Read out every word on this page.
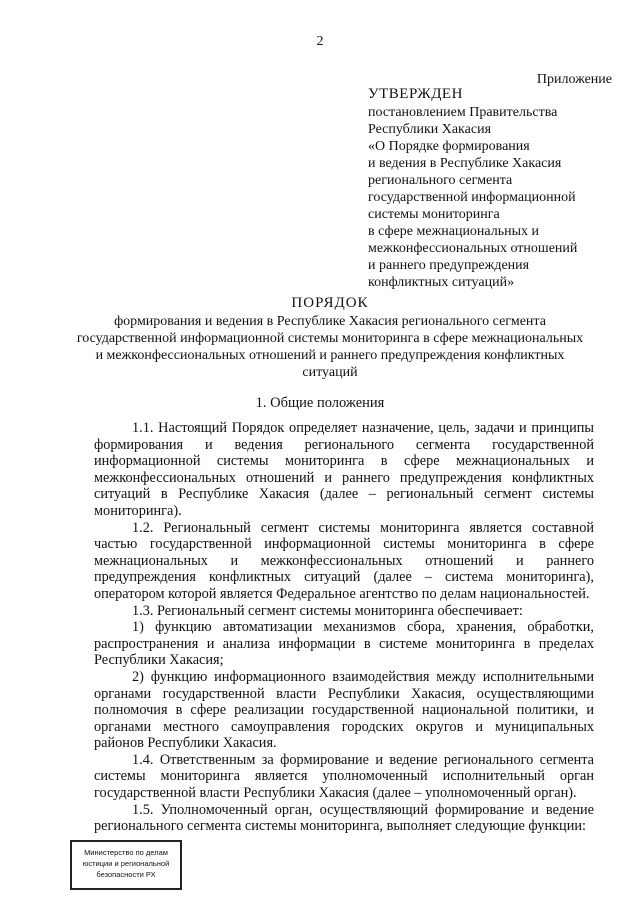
2
Приложение
УТВЕРЖДЕН
постановлением Правительства
Республики Хакасия
«О Порядке формирования
и ведения в Республике Хакасия
регионального сегмента
государственной информационной
системы мониторинга
в сфере межнациональных и
межконфессиональных отношений
и раннего предупреждения
конфликтных ситуаций»
ПОРЯДОК
формирования и ведения в Республике Хакасия регионального сегмента государственной информационной системы мониторинга в сфере межнациональных и межконфессиональных отношений и раннего предупреждения конфликтных ситуаций
1. Общие положения

1.1. Настоящий Порядок определяет назначение, цель, задачи и принципы формирования и ведения регионального сегмента государственной информационной системы мониторинга в сфере межнациональных и межконфессиональных отношений и раннего предупреждения конфликтных ситуаций в Республике Хакасия (далее – региональный сегмент системы мониторинга).

1.2. Региональный сегмент системы мониторинга является составной частью государственной информационной системы мониторинга в сфере межнациональных и межконфессиональных отношений и раннего предупреждения конфликтных ситуаций (далее – система мониторинга), оператором которой является Федеральное агентство по делам национальностей.

1.3. Региональный сегмент системы мониторинга обеспечивает:

1) функцию автоматизации механизмов сбора, хранения, обработки, распространения и анализа информации в системе мониторинга в пределах Республики Хакасия;

2) функцию информационного взаимодействия между исполнительными органами государственной власти Республики Хакасия, осуществляющими полномочия в сфере реализации государственной национальной политики, и органами местного самоуправления городских округов и муниципальных районов Республики Хакасия.

1.4. Ответственным за формирование и ведение регионального сегмента системы мониторинга является уполномоченный исполнительный орган государственной власти Республики Хакасия (далее – уполномоченный орган).

1.5. Уполномоченный орган, осуществляющий формирование и ведение регионального сегмента системы мониторинга, выполняет следующие функции:

Министерство по делам
юстиции и региональной
безопасности РХ
